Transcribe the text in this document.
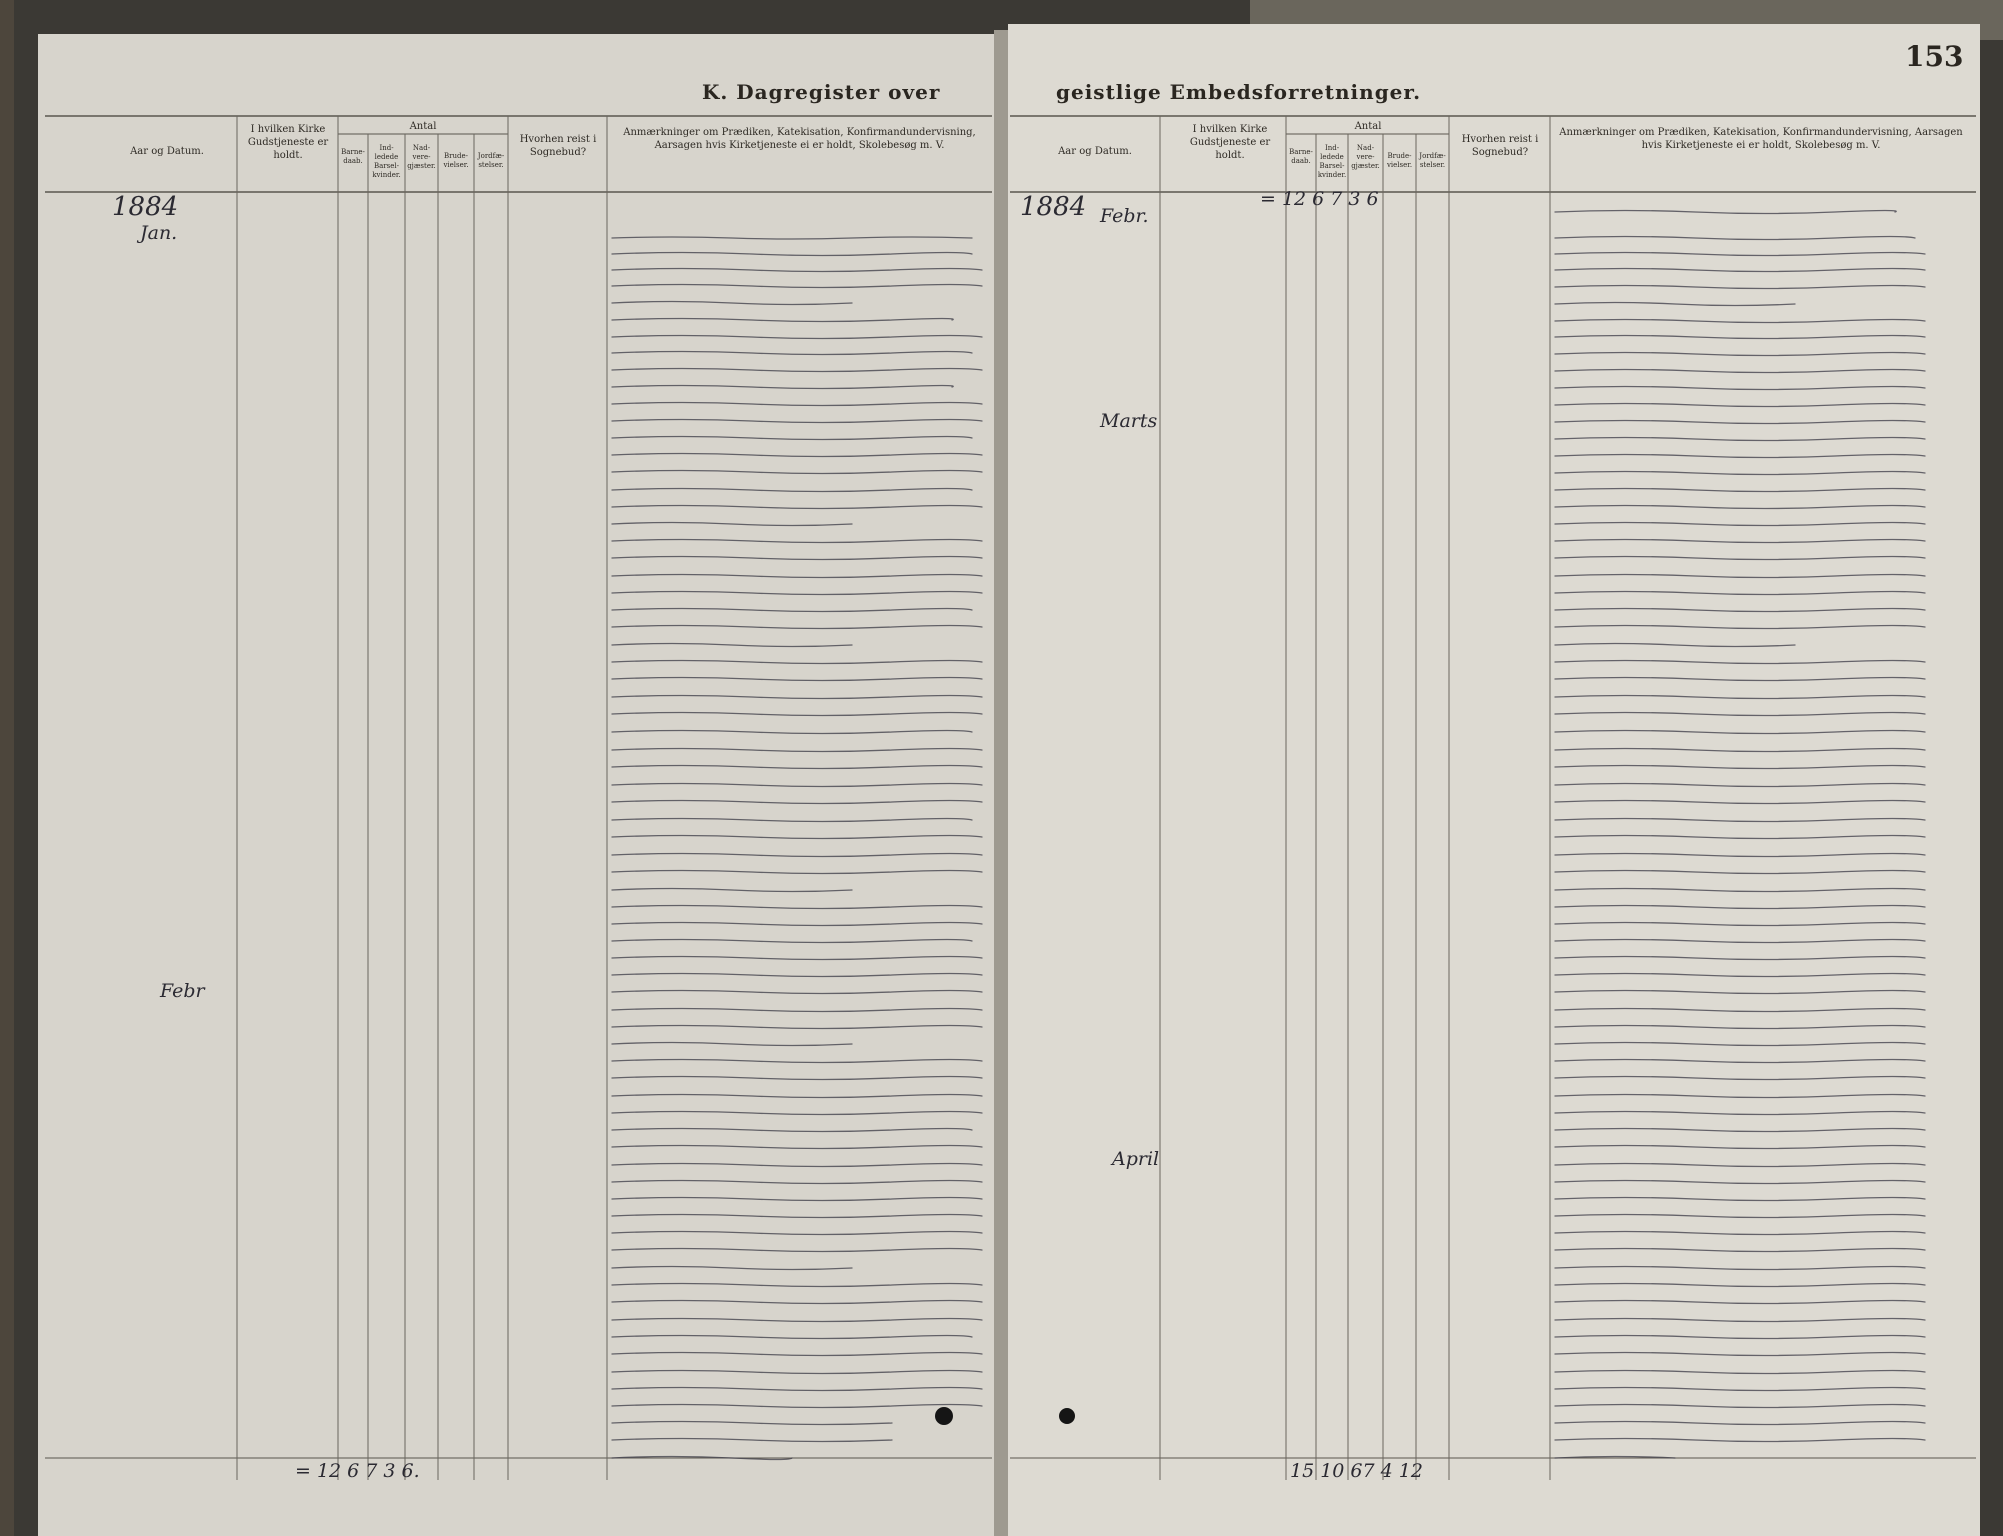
K. Dagregister over	geistlige Embedsforretninger.
153
Aar og Datum.
I hvilken Kirke Gudstjeneste er holdt.
Antal
Barne-daab.
Ind-ledede Barsel-kvinder.
Nad-vere-gjæster.
Brude-vielser.
Jordfæ-stelser.
Hvorhen reist i Sognebud?
Anmærkninger om Prædiken, Katekisation, Konfirmandundervisning, Aarsagen hvis Kirketjeneste ei er holdt, Skolebesøg m. V.
Aar og Datum.
I hvilken Kirke Gudstjeneste er holdt.
Antal
Barne-daab.
Ind-ledede Barsel-kvinder.
Nad-vere-gjæster.
Brude-vielser.
Jordfæ-stelser.
Hvorhen reist i Sognebud?
Anmærkninger om Prædiken, Katekisation, Konfirmandundervisning, Aarsagen hvis Kirketjeneste ei er holdt, Skolebesøg m. V.
1884
Jan.
Febr
1884 Febr.
Marts
April
= 12 6 7 3 6.
= 12 6 7 3 6
15 10 67 4 12
